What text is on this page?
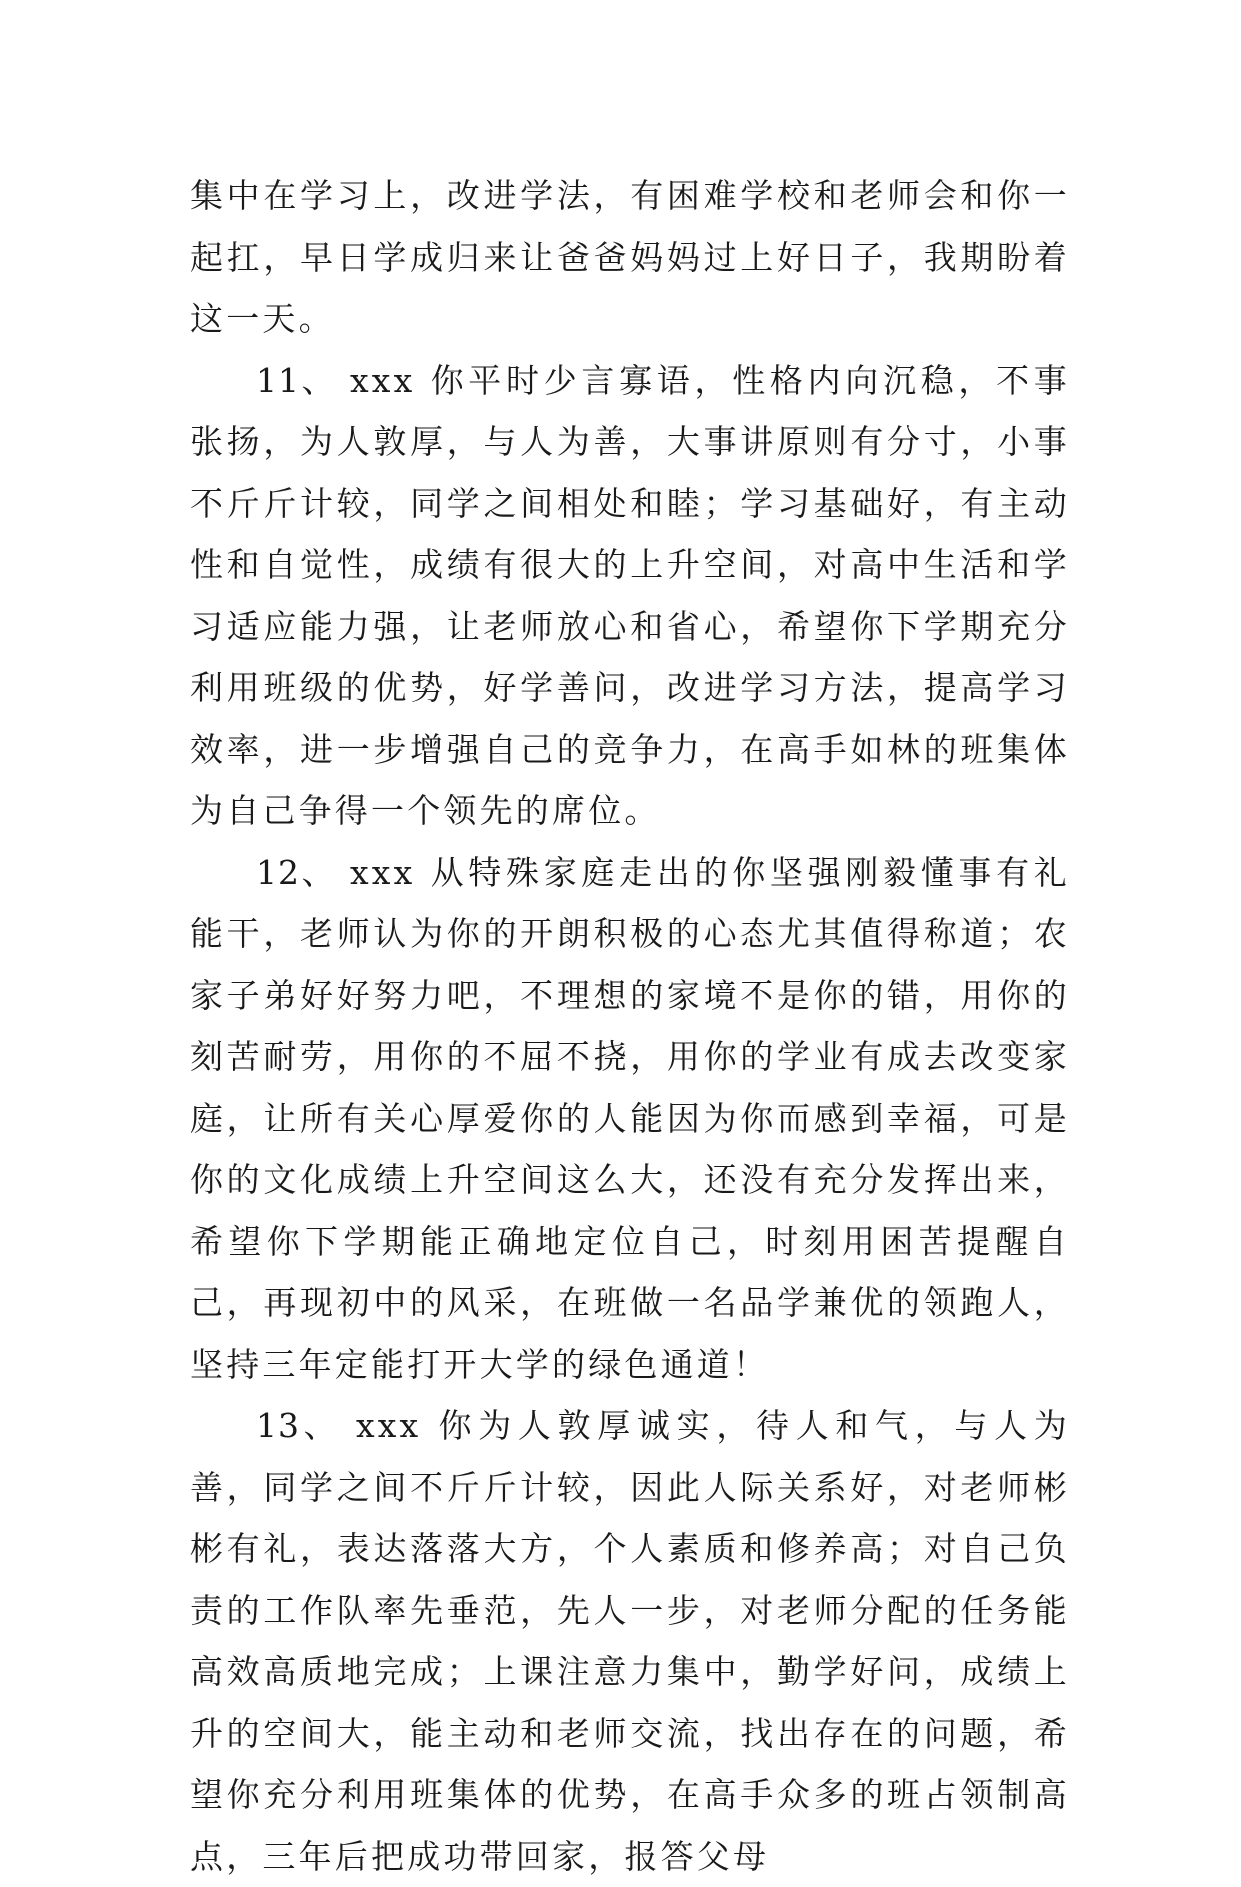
集中在学习上，改进学法，有困难学校和老师会和你一起扛，早日学成归来让爸爸妈妈过上好日子，我期盼着这一天。

11、 xxx 你平时少言寡语，性格内向沉稳，不事张扬，为人敦厚，与人为善，大事讲原则有分寸，小事不斤斤计较，同学之间相处和睦；学习基础好，有主动性和自觉性，成绩有很大的上升空间，对高中生活和学习适应能力强，让老师放心和省心，希望你下学期充分利用班级的优势，好学善问，改进学习方法，提高学习效率，进一步增强自己的竞争力，在高手如林的班集体为自己争得一个领先的席位。

12、 xxx 从特殊家庭走出的你坚强刚毅懂事有礼能干，老师认为你的开朗积极的心态尤其值得称道；农家子弟好好努力吧，不理想的家境不是你的错，用你的刻苦耐劳，用你的不屈不挠，用你的学业有成去改变家庭，让所有关心厚爱你的人能因为你而感到幸福，可是你的文化成绩上升空间这么大，还没有充分发挥出来，希望你下学期能正确地定位自己，时刻用困苦提醒自己，再现初中的风采，在班做一名品学兼优的领跑人，坚持三年定能打开大学的绿色通道！

13、 xxx 你为人敦厚诚实，待人和气，与人为善，同学之间不斤斤计较，因此人际关系好，对老师彬彬有礼，表达落落大方，个人素质和修养高；对自己负责的工作队率先垂范，先人一步，对老师分配的任务能高效高质地完成；上课注意力集中，勤学好问，成绩上升的空间大，能主动和老师交流，找出存在的问题，希望你充分利用班集体的优势，在高手众多的班占领制高点，三年后把成功带回家，报答父母
